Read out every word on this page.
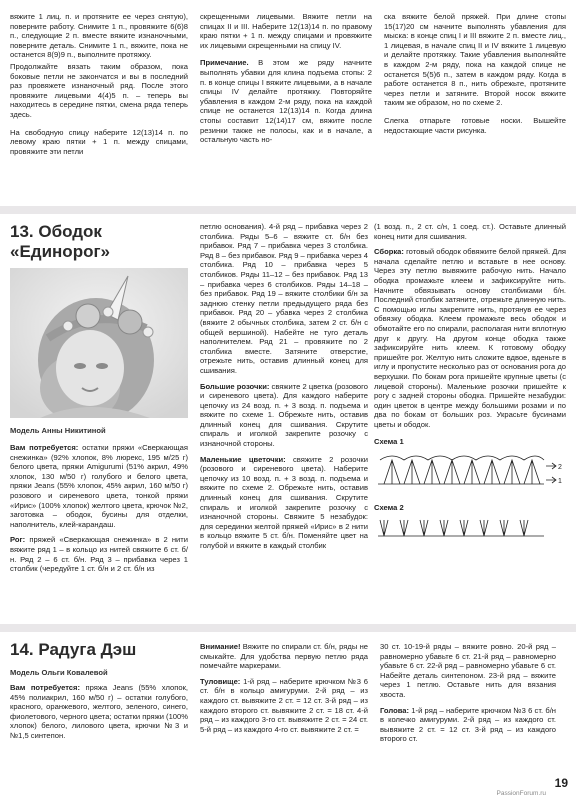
вяжите 1 лиц. п. и протяните ее через снятую), поверните работу. Снимите 1 п., провяжите 6(6)8 п., следующие 2 п. вместе вяжите изнаночными, поверните деталь. Снимите 1 п., вяжите, пока не останется 8(9)9 п., выполните протяжку.

Продолжайте вязать таким образом, пока боковые петли не закончатся и вы в последний раз провяжете изнаночный ряд. После этого провяжите лицевыми 4(4)5 п. – теперь вы находитесь в середине пятки, смена ряда теперь здесь.

На свободную спицу наберите 12(13)14 п. по левому краю пятки + 1 п. между спицами, провяжите эти петли

скрещенными лицевыми. Вяжите петли на спицах II и III. Наберите 12(13)14 п. по правому краю пятки + 1 п. между спицами и провяжите их лицевыми скрещенными на спицу IV.

Примечание. В этом же ряду начните выполнять убавки для клина подъема стопы: 2 п. в конце спицы I вяжите лицевыми, а в начале спицы IV делайте протяжку. Повторяйте убавления в каждом 2-м ряду, пока на каждой спице не останется 12(13)14 п. Когда длина стопы составит 12(14)17 см, вяжите после резинки также не полосы, как и в начале, а остальную часть но-

ска вяжите белой пряжей. При длине стопы 15(17)20 см начните выполнять убавления для мыска: в конце спиц I и III вяжите 2 п. вместе лиц., 1 лицевая, в начале спиц II и IV вяжите 1 лицевую и делайте протяжку. Такие убавления выполняйте в каждом 2-м ряду, пока на каждой спице не останется 5(5)6 п., затем в каждом ряду. Когда в работе останется 8 п., нить обрежьте, протяните через петли и затяните. Второй носок вяжите таким же образом, но по схеме 2.

Слегка отпарьте готовые носки. Вышейте недостающие части рисунка.

13. Ободок
«Единорог»
Модель Анны Никитиной

Вам потребуется: остатки пряжи «Сверкающая снежинка» (92% хлопок, 8% люрекс, 195 м/25 г) белого цвета, пряжи Amigurumi (51% акрил, 49% хлопок, 130 м/50 г) голубого и белого цвета, пряжи Jeans (55% хлопок, 45% акрил, 160 м/50 г) розового и сиреневого цвета, тонкой пряжи «Ирис» (100% хлопок) желтого цвета, крючок №2, заготовка – ободок, бусины для отделки, наполнитель, клей-карандаш.

Рог: пряжей «Сверкающая снежинка» в 2 нити вяжите ряд 1 – в кольцо из нитей свяжите 6 ст. б/н. Ряд 2 – 6 ст. б/н. Ряд 3 – прибавка через 1 столбик (чередуйте 1 ст. б/н и 2 ст. б/н из

петлю основания). 4-й ряд – прибавка через 2 столбика. Ряды 5–6 – вяжите ст. б/н без прибавок. Ряд 7 – прибавка через 3 столбика. Ряд 8 – без прибавок. Ряд 9 – прибавка через 4 столбика. Ряд 10 – прибавка через 5 столбиков. Ряды 11–12 – без прибавок. Ряд 13 – прибавка через 6 столбиков. Ряды 14–18 – без прибавок. Ряд 19 – вяжите столбики б/н за заднюю стенку петли предыдущего ряда без прибавок. Ряд 20 – убавка через 2 столбика (вяжите 2 обычных столбика, затем 2 ст. б/н с общей вершиной). Набейте не туго деталь наполнителем. Ряд 21 – провяжите по 2 столбика вместе. Затяните отверстие, отрежьте нить, оставив длинный конец для сшивания.

Большие розочки: свяжите 2 цветка (розового и сиреневого цвета). Для каждого наберите цепочку из 24 возд. п. + 3 возд. п. подъема и вяжите по схеме 1. Обрежьте нить, оставив длинный конец для сшивания. Скрутите спираль и иголкой закрепите розочку с изнаночной стороны.

Маленькие цветочки: свяжите 2 розочки (розового и сиреневого цвета). Наберите цепочку из 10 возд. п. + 3 возд. п. подъема и вяжите по схеме 2. Обрежьте нить, оставив длинный конец для сшивания. Скрутите спираль и иголкой закрепите розочку с изнаночной стороны. Свяжите 5 незабудок: для серединки желтой пряжей «Ирис» в 2 нити в кольцо вяжите 5 ст. б/н. Поменяйте цвет на голубой и вяжите в каждый столбик

(1 возд. п., 2 ст. с/н, 1 соед. ст.). Оставьте длинный конец нити для сшивания.

Сборка: готовый ободок обвяжите белой пряжей. Для начала сделайте петлю и вставьте в нее основу. Через эту петлю вывяжите рабочую нить. Начало ободка промажьте клеем и зафиксируйте нить. Начните обвязывать основу столбиками б/н. Последний столбик затяните, отрежьте длинную нить. С помощью иглы закрепите нить, протянув ее через обвязку ободка. Клеем промажьте весь ободок и обмотайте его по спирали, располагая нити вплотную друг к другу. На другом конце ободка также зафиксируйте нить клеем. К готовому ободку пришейте рог. Желтую нить сложите вдвое, вденьте в иглу и пропустите несколько раз от основания рога до верхушки. По бокам рога пришейте крупные цветы (с лицевой стороны). Маленькие розочки пришейте к рогу с задней стороны ободка. Пришейте незабудки: один цветок в центре между большими розами и по два по бокам от больших роз. Украсьте бусинами цветы и ободок.

Схема 1
2
1
Схема 2
14. Радуга Дэш
Модель Ольги Ковалевой

Вам потребуется: пряжа Jeans (55% хлопок, 45% полиакрил, 160 м/50 г) – остатки голубого, красного, оранжевого, желтого, зеленого, синего, фиолетового, черного цвета; остатки пряжи (100% хлопок) белого, лилового цвета, крючки №3 и №1,5 синтепон.

Внимание! Вяжите по спирали ст. б/н, ряды не смыкайте. Для удобства первую петлю ряда помечайте маркерами.

Туловище: 1-й ряд – наберите крючком №3 6 ст. б/н в кольцо амигуруми. 2-й ряд – из каждого ст. вывяжите 2 ст. = 12 ст. 3-й ряд – из каждого второго ст. вывяжите 2 ст. = 18 ст. 4-й ряд – из каждого 3-го ст. вывяжите 2 ст. = 24 ст. 5-й ряд – из каждого 4-го ст. вывяжите 2 ст. =

30 ст. 10-19-й ряды – вяжите ровно. 20-й ряд – равномерно убавьте 6 ст. 21-й ряд – равномерно убавьте 6 ст. 22-й ряд – равномерно убавьте 6 ст. Набейте деталь синтепоном. 23-й ряд – вяжите через 1 петлю. Оставьте нить для вязания хвоста.

Голова: 1-й ряд – наберите крючком №3 6 ст. б/н в колечко амигуруми. 2-й ряд – из каждого ст. вывяжите 2 ст. = 12 ст. 3-й ряд – из каждого второго ст.

19
PassionForum.ru
